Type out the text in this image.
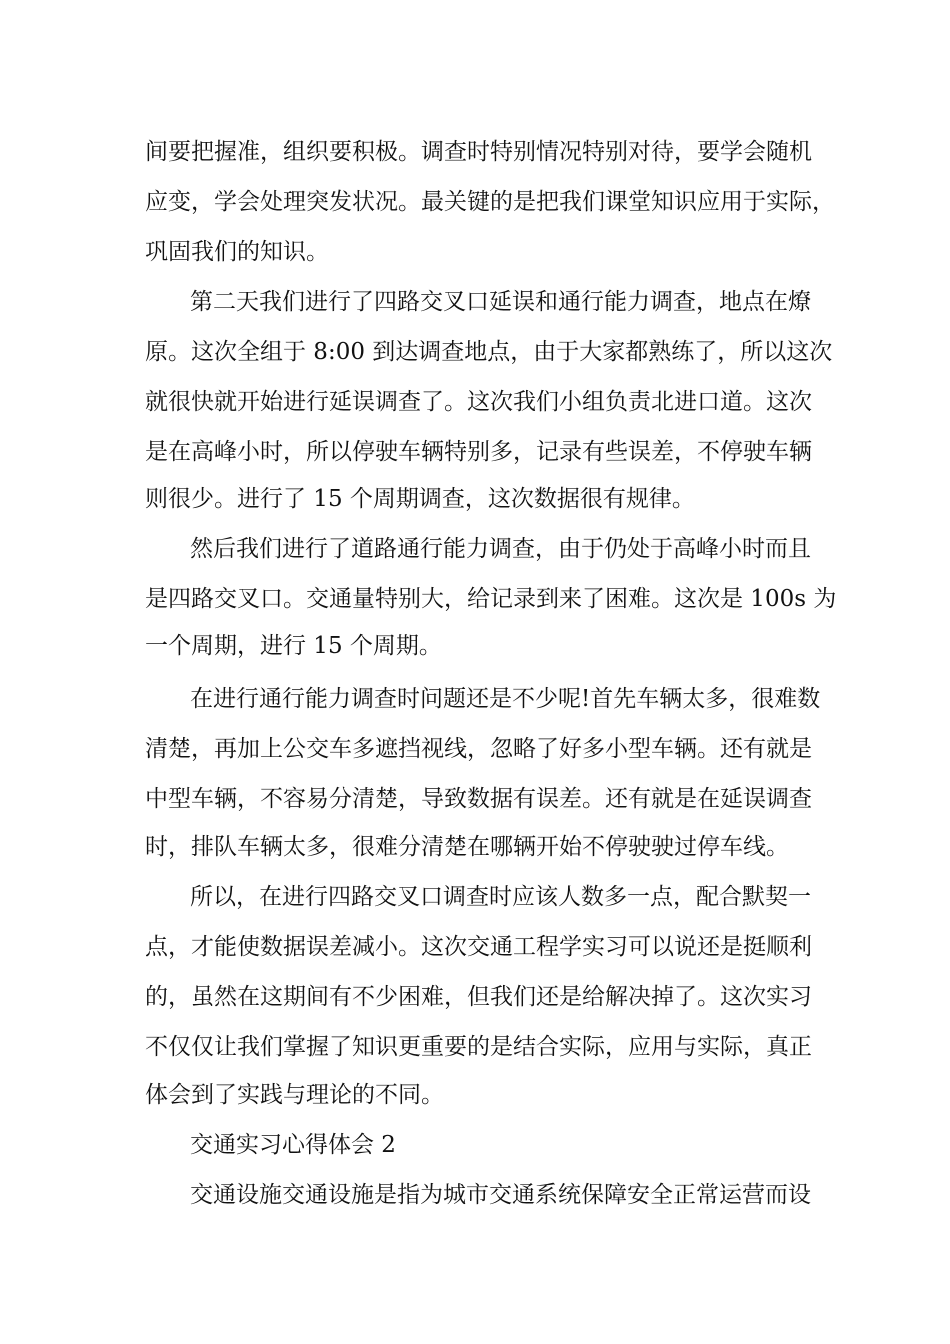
间要把握准，组织要积极。调查时特别情况特别对待，要学会随机
应变，学会处理突发状况。最关键的是把我们课堂知识应用于实际，
巩固我们的知识。
第二天我们进行了四路交叉口延误和通行能力调查，地点在燎
原。这次全组于 8:00 到达调查地点，由于大家都熟练了，所以这次
就很快就开始进行延误调查了。这次我们小组负责北进口道。这次
是在高峰小时，所以停驶车辆特别多，记录有些误差，不停驶车辆
则很少。进行了 15 个周期调查，这次数据很有规律。
然后我们进行了道路通行能力调查，由于仍处于高峰小时而且
是四路交叉口。交通量特别大，给记录到来了困难。这次是 100s 为
一个周期，进行 15 个周期。
在进行通行能力调查时问题还是不少呢!首先车辆太多，很难数
清楚，再加上公交车多遮挡视线，忽略了好多小型车辆。还有就是
中型车辆，不容易分清楚，导致数据有误差。还有就是在延误调查
时，排队车辆太多，很难分清楚在哪辆开始不停驶驶过停车线。
所以，在进行四路交叉口调查时应该人数多一点，配合默契一
点，才能使数据误差减小。这次交通工程学实习可以说还是挺顺利
的，虽然在这期间有不少困难，但我们还是给解决掉了。这次实习
不仅仅让我们掌握了知识更重要的是结合实际，应用与实际，真正
体会到了实践与理论的不同。
交通实习心得体会 2
交通设施交通设施是指为城市交通系统保障安全正常运营而设
